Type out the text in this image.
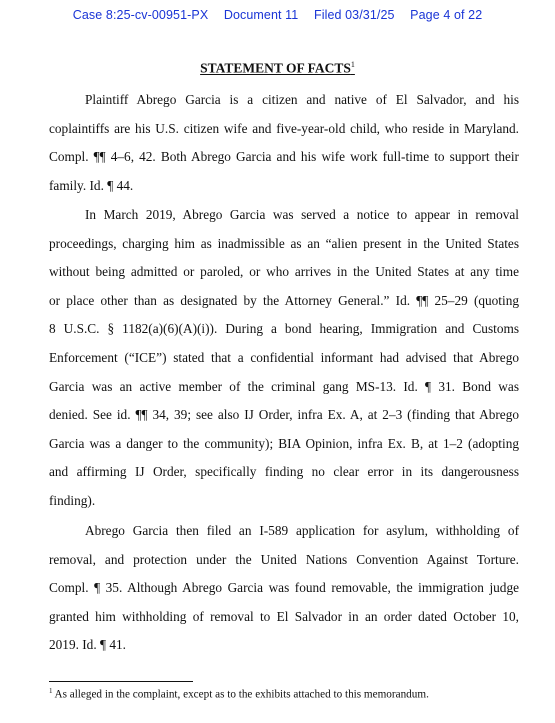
Case 8:25-cv-00951-PX Document 11 Filed 03/31/25 Page 4 of 22
STATEMENT OF FACTS$^1$
Plaintiff Abrego Garcia is a citizen and native of El Salvador, and his
coplaintiffs are his U.S. citizen wife and five-year-old child, who reside in Maryland.
Compl. ¶¶ 4–6, 42. Both Abrego Garcia and his wife work full-time to support their
family. Id. ¶ 44.
In March 2019, Abrego Garcia was served a notice to appear in removal
proceedings, charging him as inadmissible as an “alien present in the United States
without being admitted or paroled, or who arrives in the United States at any time
or place other than as designated by the Attorney General.” Id. ¶¶ 25–29 (quoting
8 U.S.C. § 1182(a)(6)(A)(i)). During a bond hearing, Immigration and Customs
Enforcement (“ICE”) stated that a confidential informant had advised that Abrego
Garcia was an active member of the criminal gang MS-13. Id. ¶ 31. Bond was
denied. See id. ¶¶ 34, 39; see also IJ Order, infra Ex. A, at 2–3 (finding that Abrego
Garcia was a danger to the community); BIA Opinion, infra Ex. B, at 1–2 (adopting
and affirming IJ Order, specifically finding no clear error in its dangerousness
finding).
Abrego Garcia then filed an I-589 application for asylum, withholding of
removal, and protection under the United Nations Convention Against Torture.
Compl. ¶ 35. Although Abrego Garcia was found removable, the immigration judge
granted him withholding of removal to El Salvador in an order dated October 10,
2019. Id. ¶ 41.
$^1$ As alleged in the complaint, except as to the exhibits attached to this memorandum.
